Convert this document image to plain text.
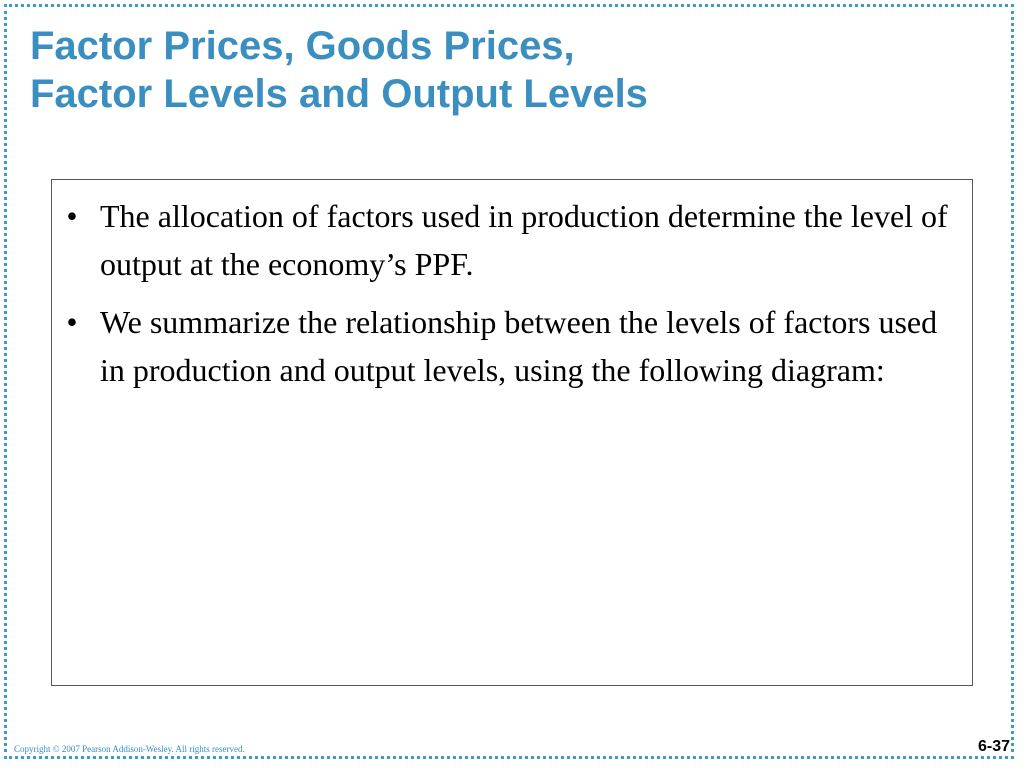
Factor Prices, Goods Prices,
Factor Levels and Output Levels
• The allocation of factors used in production determine the level of output at the economy’s PPF.
• We summarize the relationship between the levels of factors used in production and output levels, using the following diagram:
Copyright © 2007 Pearson Addison-Wesley. All rights reserved.	6-37
